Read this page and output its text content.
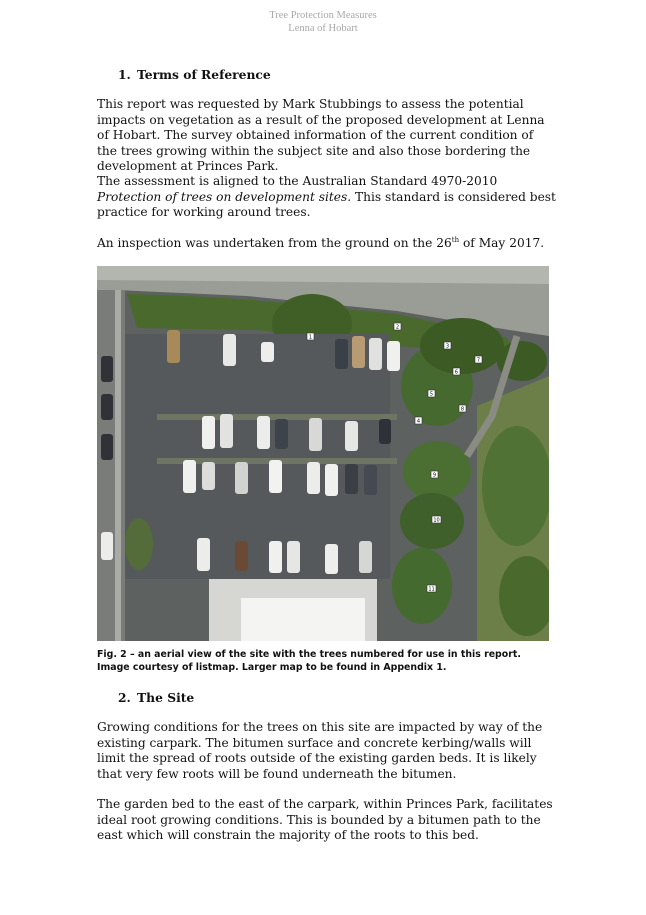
Tree Protection Measures
Lenna of Hobart
1. Terms of Reference
This report was requested by Mark Stubbings to assess the potential impacts on vegetation as a result of the proposed development at Lenna of Hobart. The survey obtained information of the current condition of the trees growing within the subject site and also those bordering the development at Princes Park.
The assessment is aligned to the Australian Standard 4970-2010 Protection of trees on development sites. This standard is considered best practice for working around trees.
An inspection was undertaken from the ground on the 26th of May 2017.
1
2
3
4
5
6
7
8
9
10
11
Fig. 2 – an aerial view of the site with the trees numbered for use in this report. Image courtesy of listmap. Larger map to be found in Appendix 1.
2. The Site
Growing conditions for the trees on this site are impacted by way of the existing carpark. The bitumen surface and concrete kerbing/walls will limit the spread of roots outside of the existing garden beds. It is likely that very few roots will be found underneath the bitumen.
The garden bed to the east of the carpark, within Princes Park, facilitates ideal root growing conditions. This is bounded by a bitumen path to the east which will constrain the majority of the roots to this bed.
